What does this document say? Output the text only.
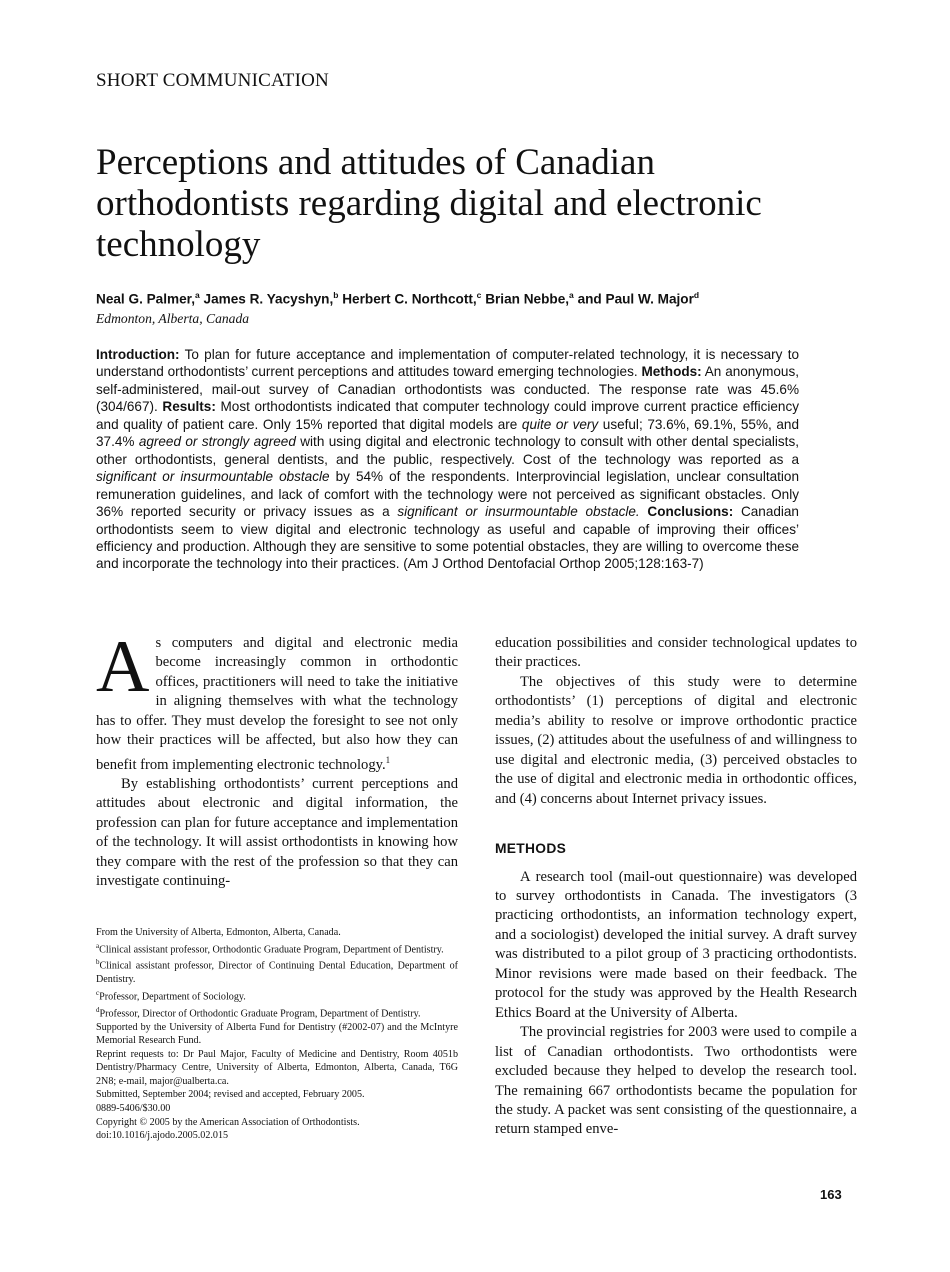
SHORT COMMUNICATION
Perceptions and attitudes of Canadian orthodontists regarding digital and electronic technology
Neal G. Palmer,$^a$ James R. Yacyshyn,$^b$ Herbert C. Northcott,$^c$ Brian Nebbe,$^a$ and Paul W. Major$^d$
Edmonton, Alberta, Canada

Introduction: To plan for future acceptance and implementation of computer-related technology, it is necessary to understand orthodontists’ current perceptions and attitudes toward emerging technologies. Methods: An anonymous, self-administered, mail-out survey of Canadian orthodontists was conducted. The response rate was 45.6% (304/667). Results: Most orthodontists indicated that computer technology could improve current practice efficiency and quality of patient care. Only 15% reported that digital models are quite or very useful; 73.6%, 69.1%, 55%, and 37.4% agreed or strongly agreed with using digital and electronic technology to consult with other dental specialists, other orthodontists, general dentists, and the public, respectively. Cost of the technology was reported as a significant or insurmountable obstacle by 54% of the respondents. Interprovincial legislation, unclear consultation remuneration guidelines, and lack of comfort with the technology were not perceived as significant obstacles. Only 36% reported security or privacy issues as a significant or insurmountable obstacle. Conclusions: Canadian orthodontists seem to view digital and electronic technology as useful and capable of improving their offices’ efficiency and production. Although they are sensitive to some potential obstacles, they are willing to overcome these and incorporate the technology into their practices. (Am J Orthod Dentofacial Orthop 2005;128:163-7)

As computers and digital and electronic media become increasingly common in orthodontic offices, practitioners will need to take the initiative in aligning themselves with what the technology has to offer. They must develop the foresight to see not only how their practices will be affected, but also how they can benefit from implementing electronic technology.$^1$

By establishing orthodontists’ current perceptions and attitudes about electronic and digital information, the profession can plan for future acceptance and implementation of the technology. It will assist orthodontists in knowing how they compare with the rest of the profession so that they can investigate continuing-

education possibilities and consider technological updates to their practices.

The objectives of this study were to determine orthodontists’ (1) perceptions of digital and electronic media’s ability to resolve or improve orthodontic practice issues, (2) attitudes about the usefulness of and willingness to use digital and electronic media, (3) perceived obstacles to the use of digital and electronic media in orthodontic offices, and (4) concerns about Internet privacy issues.

METHODS

A research tool (mail-out questionnaire) was developed to survey orthodontists in Canada. The investigators (3 practicing orthodontists, an information technology expert, and a sociologist) developed the initial survey. A draft survey was distributed to a pilot group of 3 practicing orthodontists. Minor revisions were made based on their feedback. The protocol for the study was approved by the Health Research Ethics Board at the University of Alberta.

The provincial registries for 2003 were used to compile a list of Canadian orthodontists. Two orthodontists were excluded because they helped to develop the research tool. The remaining 667 orthodontists became the population for the study. A packet was sent consisting of the questionnaire, a return stamped enve-

From the University of Alberta, Edmonton, Alberta, Canada.
$^a$Clinical assistant professor, Orthodontic Graduate Program, Department of Dentistry.
$^b$Clinical assistant professor, Director of Continuing Dental Education, Department of Dentistry.
$^c$Professor, Department of Sociology.
$^d$Professor, Director of Orthodontic Graduate Program, Department of Dentistry.
Supported by the University of Alberta Fund for Dentistry (#2002-07) and the McIntyre Memorial Research Fund.
Reprint requests to: Dr Paul Major, Faculty of Medicine and Dentistry, Room 4051b Dentistry/Pharmacy Centre, University of Alberta, Edmonton, Alberta, Canada, T6G 2N8; e-mail, major@ualberta.ca.
Submitted, September 2004; revised and accepted, February 2005.
0889-5406/$30.00
Copyright © 2005 by the American Association of Orthodontists.
doi:10.1016/j.ajodo.2005.02.015
163
